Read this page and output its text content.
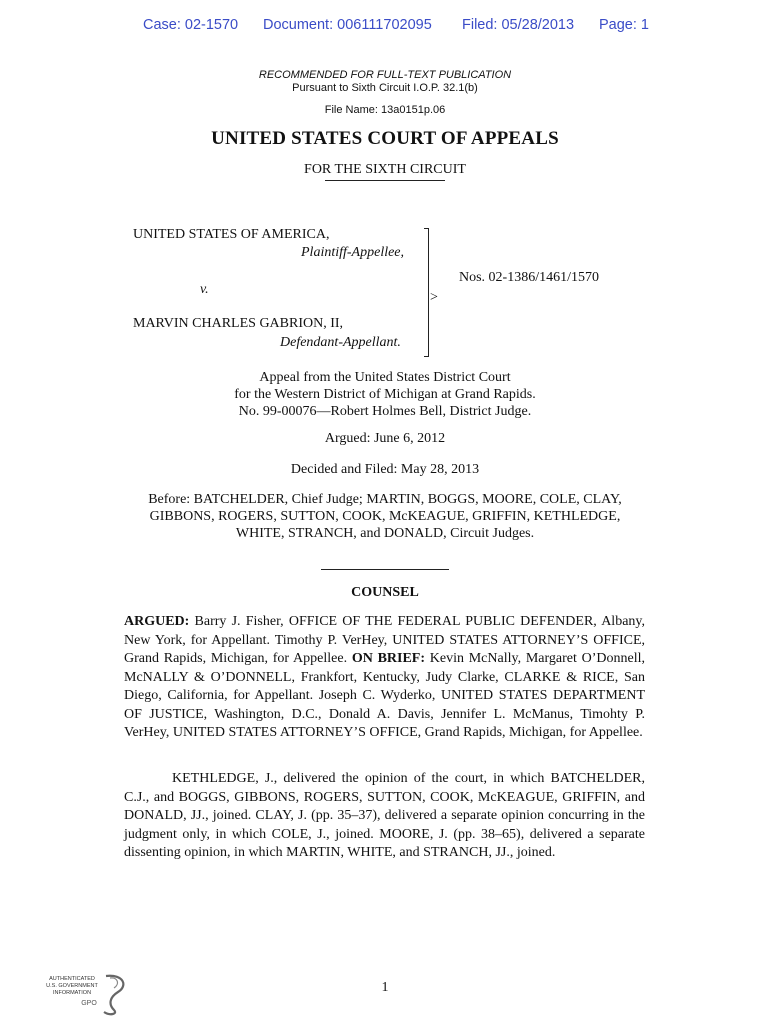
Case: 02-1570 Document: 006111702095 Filed: 05/28/2013 Page: 1
RECOMMENDED FOR FULL-TEXT PUBLICATION
Pursuant to Sixth Circuit I.O.P. 32.1(b)
File Name: 13a0151p.06
UNITED STATES COURT OF APPEALS
FOR THE SIXTH CIRCUIT
UNITED STATES OF AMERICA,
Plaintiff-Appellee,
v.
MARVIN CHARLES GABRION, II,
Defendant-Appellant.
>
Nos. 02-1386/1461/1570
Appeal from the United States District Court
for the Western District of Michigan at Grand Rapids.
No. 99-00076—Robert Holmes Bell, District Judge.
Argued: June 6, 2012
Decided and Filed: May 28, 2013
Before: BATCHELDER, Chief Judge; MARTIN, BOGGS, MOORE, COLE, CLAY,
GIBBONS, ROGERS, SUTTON, COOK, McKEAGUE, GRIFFIN, KETHLEDGE,
WHITE, STRANCH, and DONALD, Circuit Judges.
COUNSEL
ARGUED: Barry J. Fisher, OFFICE OF THE FEDERAL PUBLIC DEFENDER, Albany, New York, for Appellant. Timothy P. VerHey, UNITED STATES ATTORNEY’S OFFICE, Grand Rapids, Michigan, for Appellee. ON BRIEF: Kevin McNally, Margaret O’Donnell, McNALLY & O’DONNELL, Frankfort, Kentucky, Judy Clarke, CLARKE & RICE, San Diego, California, for Appellant. Joseph C. Wyderko, UNITED STATES DEPARTMENT OF JUSTICE, Washington, D.C., Donald A. Davis, Jennifer L. McManus, Timohty P. VerHey, UNITED STATES ATTORNEY’S OFFICE, Grand Rapids, Michigan, for Appellee.
KETHLEDGE, J., delivered the opinion of the court, in which BATCHELDER, C.J., and BOGGS, GIBBONS, ROGERS, SUTTON, COOK, McKEAGUE, GRIFFIN, and DONALD, JJ., joined. CLAY, J. (pp. 35–37), delivered a separate opinion concurring in the judgment only, in which COLE, J., joined. MOORE, J. (pp. 38–65), delivered a separate dissenting opinion, in which MARTIN, WHITE, and STRANCH, JJ., joined.
1
AUTHENTICATED
U.S. GOVERNMENT
INFORMATION
GPO
